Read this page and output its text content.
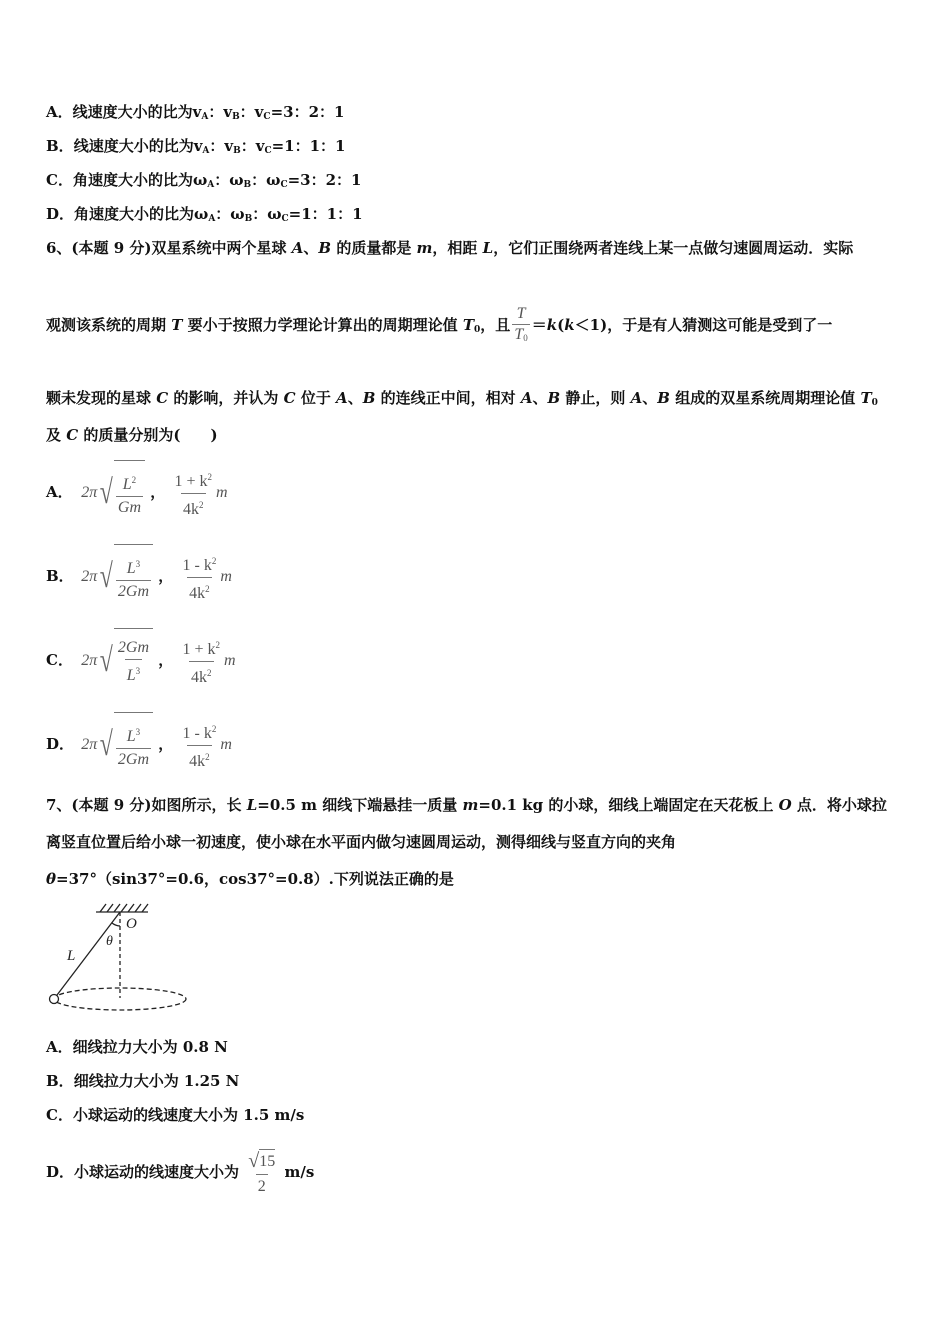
A．线速度大小的比为$v_A$：$v_B$：$v_C=3$：2：1
B．线速度大小的比为$v_A$：$v_B$：$v_C=1$：1：1
C．角速度大小的比为$\omega_A$：$\omega_B$：$\omega_C=3$：2：1
D．角速度大小的比为$\omega_A$：$\omega_B$：$\omega_C=1$：1：1
6、(本题 9 分)双星系统中两个星球 A、B 的质量都是 m，相距 L，它们正围绕两者连线上某一点做匀速圆周运动．实际
观测该系统的周期 T 要小于按照力学理论计算出的周期理论值 $T_0$，且 $\frac{T}{T_0} =k(k<1)$，于是有人猜测这可能是受到了一
颗未发现的星球 C 的影响，并认为 C 位于 A、B 的连线正中间，相对 A、B 静止，则 A、B 组成的双星系统周期理论值 $T_0$
及 C 的质量分别为(　　)
A． 2π √ $\frac{L^2}{Gm}$ ， $\frac{1 + k^2}{4k^2}$ m
B． 2π √ $\frac{L^3}{2Gm}$ ， $\frac{1 - k^2}{4k^2}$ m
C． 2π √ $\frac{2Gm}{L^3}$ ， $\frac{1 + k^2}{4k^2}$ m
D． 2π √ $\frac{L^3}{2Gm}$ ， $\frac{1 - k^2}{4k^2}$ m
7、(本题 9 分)如图所示，长 L=0.5 m 细线下端悬挂一质量 m=0.1 kg 的小球，细线上端固定在天花板上 O 点．将小球拉
离竖直位置后给小球一初速度，使小球在水平面内做匀速圆周运动，测得细线与竖直方向的夹角
θ=37°（sin37°=0.6，cos37°=0.8）.下列说法正确的是
O
θ
L
A．细线拉力大小为 0.8 N
B．细线拉力大小为 1.25 N
C．小球运动的线速度大小为 1.5 m/s
D．小球运动的线速度大小为 $\frac{√ 15}{2} m/s$
